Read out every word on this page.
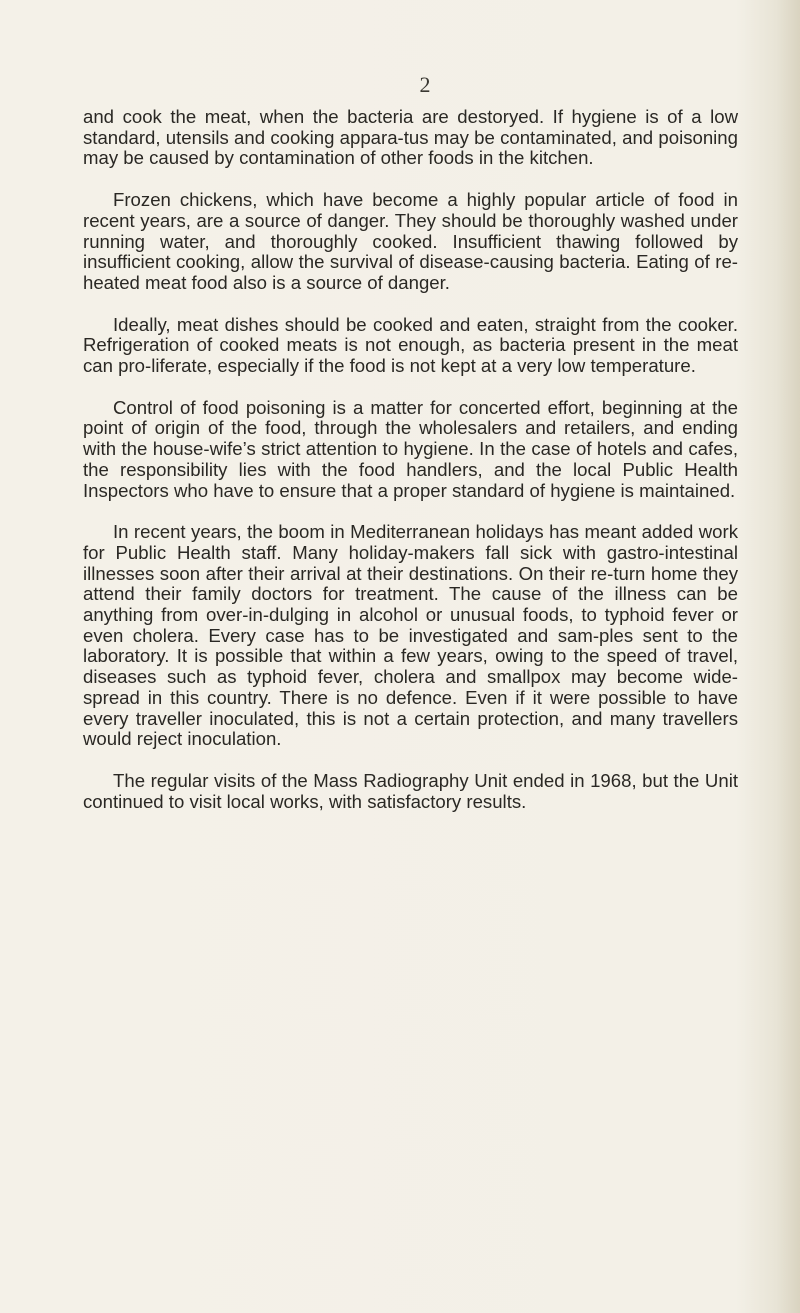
2

and cook the meat, when the bacteria are destoryed. If hygiene is of a low standard, utensils and cooking appara-tus may be contaminated, and poisoning may be caused by contamination of other foods in the kitchen.

Frozen chickens, which have become a highly popular article of food in recent years, are a source of danger. They should be thoroughly washed under running water, and thoroughly cooked. Insufficient thawing followed by insufficient cooking, allow the survival of disease-causing bacteria. Eating of re-heated meat food also is a source of danger.

Ideally, meat dishes should be cooked and eaten, straight from the cooker. Refrigeration of cooked meats is not enough, as bacteria present in the meat can pro-liferate, especially if the food is not kept at a very low temperature.

Control of food poisoning is a matter for concerted effort, beginning at the point of origin of the food, through the wholesalers and retailers, and ending with the house-wife’s strict attention to hygiene. In the case of hotels and cafes, the responsibility lies with the food handlers, and the local Public Health Inspectors who have to ensure that a proper standard of hygiene is maintained.

In recent years, the boom in Mediterranean holidays has meant added work for Public Health staff. Many holiday-makers fall sick with gastro-intestinal illnesses soon after their arrival at their destinations. On their re-turn home they attend their family doctors for treatment. The cause of the illness can be anything from over-in-dulging in alcohol or unusual foods, to typhoid fever or even cholera. Every case has to be investigated and sam-ples sent to the laboratory. It is possible that within a few years, owing to the speed of travel, diseases such as typhoid fever, cholera and smallpox may become wide-spread in this country. There is no defence. Even if it were possible to have every traveller inoculated, this is not a certain protection, and many travellers would reject inoculation.

The regular visits of the Mass Radiography Unit ended in 1968, but the Unit continued to visit local works, with satisfactory results.
